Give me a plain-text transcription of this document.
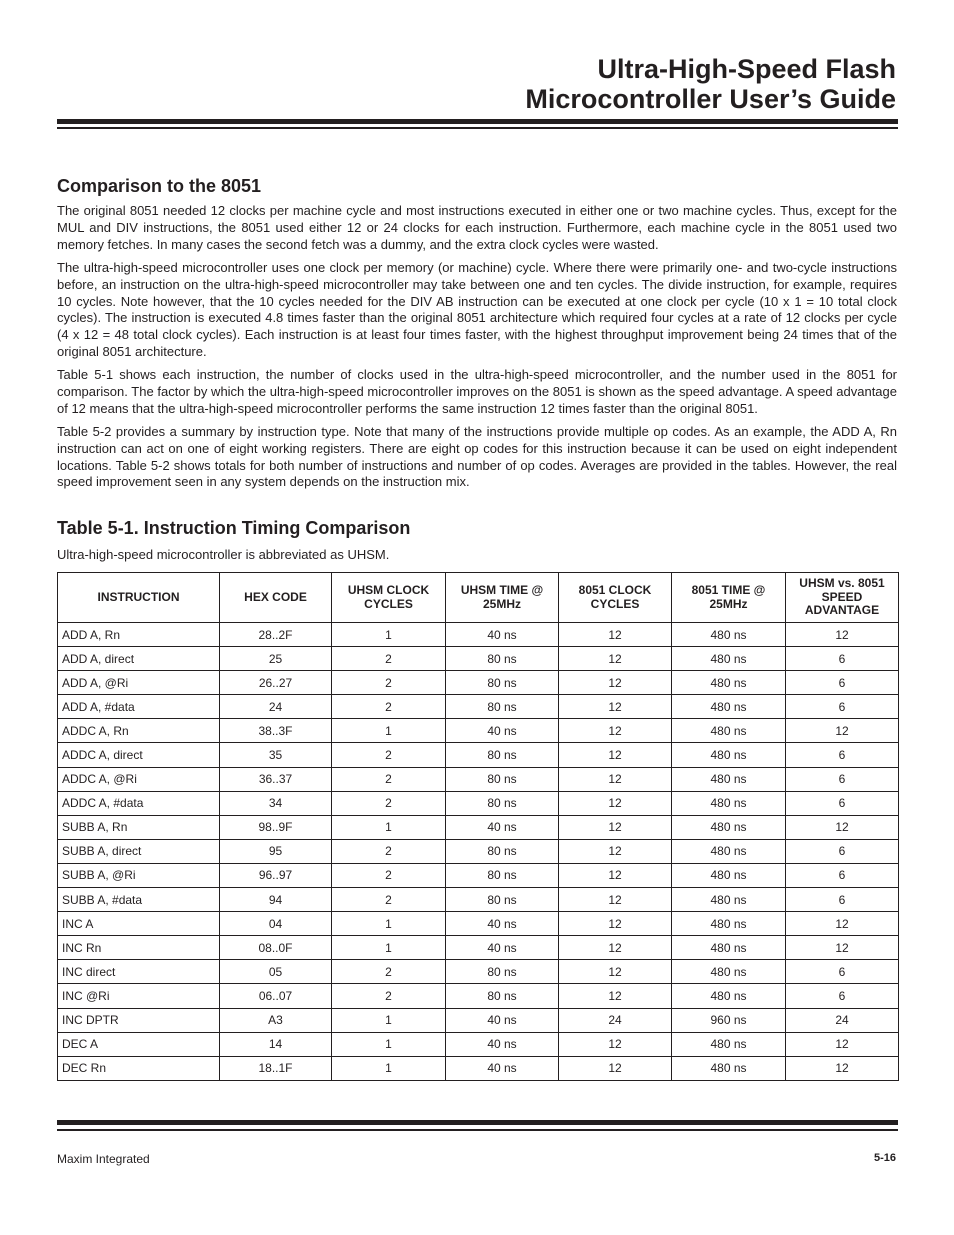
Ultra-High-Speed Flash
Microcontroller User’s Guide
Comparison to the 8051

The original 8051 needed 12 clocks per machine cycle and most instructions executed in either one or two machine cycles. Thus, except for the MUL and DIV instructions, the 8051 used either 12 or 24 clocks for each instruction. Furthermore, each machine cycle in the 8051 used two memory fetches. In many cases the second fetch was a dummy, and the extra clock cycles were wasted.

The ultra-high-speed microcontroller uses one clock per memory (or machine) cycle. Where there were primarily one- and two-cycle instructions before, an instruction on the ultra-high-speed microcontroller may take between one and ten cycles. The divide instruction, for example, requires 10 cycles. Note however, that the 10 cycles needed for the DIV AB instruction can be executed at one clock per cycle (10 x 1 = 10 total clock cycles). The instruction is executed 4.8 times faster than the original 8051 architecture which required four cycles at a rate of 12 clocks per cycle (4 x 12 = 48 total clock cycles). Each instruction is at least four times faster, with the highest throughput improvement being 24 times that of the original 8051 architecture.

Table 5-1 shows each instruction, the number of clocks used in the ultra-high-speed microcontroller, and the number used in the 8051 for comparison. The factor by which the ultra-high-speed microcontroller improves on the 8051 is shown as the speed advantage. A speed advantage of 12 means that the ultra-high-speed microcontroller performs the same instruction 12 times faster than the original 8051.

Table 5-2 provides a summary by instruction type. Note that many of the instructions provide multiple op codes. As an example, the ADD A, Rn instruction can act on one of eight working registers. There are eight op codes for this instruction because it can be used on eight independent locations. Table 5-2 shows totals for both number of instructions and number of op codes. Averages are provided in the tables. However, the real speed improvement seen in any system depends on the instruction mix.

Table 5-1. Instruction Timing Comparison

Ultra-high-speed microcontroller is abbreviated as UHSM.

INSTRUCTION	HEX CODE	UHSM CLOCK CYCLES	UHSM TIME @ 25MHz	8051 CLOCK CYCLES	8051 TIME @ 25MHz	UHSM vs. 8051 SPEED ADVANTAGE
ADD A, Rn	28..2F	1	40 ns	12	480 ns	12
ADD A, direct	25	2	80 ns	12	480 ns	6
ADD A, @Ri	26..27	2	80 ns	12	480 ns	6
ADD A, #data	24	2	80 ns	12	480 ns	6
ADDC A, Rn	38..3F	1	40 ns	12	480 ns	12
ADDC A, direct	35	2	80 ns	12	480 ns	6
ADDC A, @Ri	36..37	2	80 ns	12	480 ns	6
ADDC A, #data	34	2	80 ns	12	480 ns	6
SUBB A, Rn	98..9F	1	40 ns	12	480 ns	12
SUBB A, direct	95	2	80 ns	12	480 ns	6
SUBB A, @Ri	96..97	2	80 ns	12	480 ns	6
SUBB A, #data	94	2	80 ns	12	480 ns	6
INC A	04	1	40 ns	12	480 ns	12
INC Rn	08..0F	1	40 ns	12	480 ns	12
INC direct	05	2	80 ns	12	480 ns	6
INC @Ri	06..07	2	80 ns	12	480 ns	6
INC DPTR	A3	1	40 ns	24	960 ns	24
DEC A	14	1	40 ns	12	480 ns	12
DEC Rn	18..1F	1	40 ns	12	480 ns	12
Maxim Integrated	5-16
